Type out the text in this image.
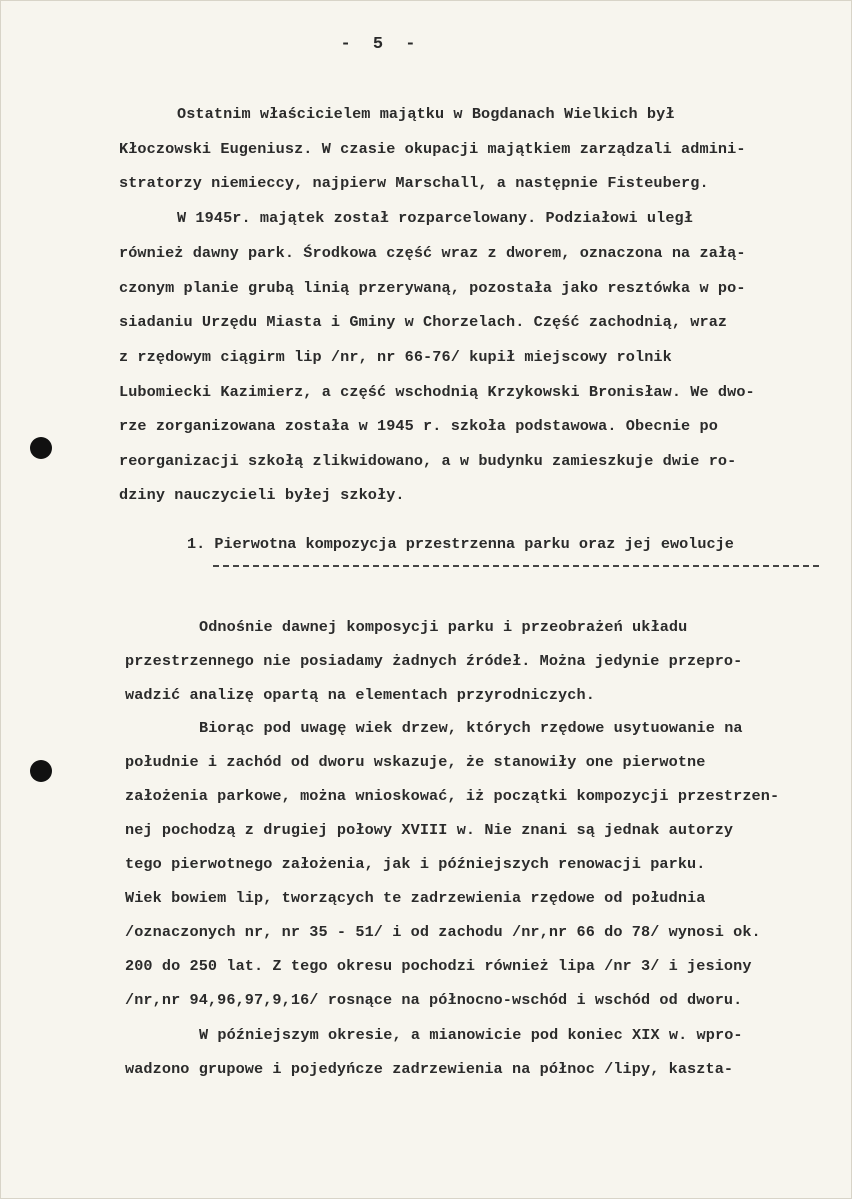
- 5 -
Ostatnim właścicielem majątku w Bogdanach Wielkich był
Kłoczowski Eugeniusz. W czasie okupacji majątkiem zarządzali admini-
stratorzy niemieccy, najpierw Marschall, a następnie Fisteuberg.
W 1945r. majątek został rozparcelowany. Podziałowi uległ
również dawny park. Środkowa część wraz z dworem, oznaczona na załą-
czonym planie grubą linią przerywaną, pozostała jako resztówka w po-
siadaniu Urzędu Miasta i Gminy w Chorzelach. Część zachodnią, wraz
z rzędowym ciągirm lip /nr, nr 66-76/ kupił miejscowy rolnik
Lubomiecki Kazimierz, a część wschodnią Krzykowski Bronisław. We dwo-
rze zorganizowana została w 1945 r. szkoła podstawowa. Obecnie po
reorganizacji szkołą zlikwidowano, a w budynku zamieszkuje dwie ro-
dziny nauczycieli byłej szkoły.
1. Pierwotna kompozycja przestrzenna parku oraz jej ewolucje
Odnośnie dawnej komposycji parku i przeobrażeń układu
przestrzennego nie posiadamy żadnych źródeł. Można jedynie przepro-
wadzić analizę opartą na elementach przyrodniczych.
Biorąc pod uwagę wiek drzew, których rzędowe usytuowanie na
południe i zachód od dworu wskazuje, że stanowiły one pierwotne
założenia parkowe, można wnioskować, iż początki kompozycji przestrzen-
nej pochodzą z drugiej połowy XVIII w. Nie znani są jednak autorzy
tego pierwotnego założenia, jak i późniejszych renowacji parku.
Wiek bowiem lip, tworzących te zadrzewienia rzędowe od południa
/oznaczonych nr, nr 35 - 51/ i od zachodu /nr,nr 66 do 78/ wynosi ok.
200 do 250 lat. Z tego okresu pochodzi również lipa /nr 3/ i jesiony
/nr,nr 94,96,97,9,16/ rosnące na północno-wschód i wschód od dworu.
W późniejszym okresie, a mianowicie pod koniec XIX w. wpro-
wadzono grupowe i pojedyńcze zadrzewienia na północ /lipy, kaszta-
